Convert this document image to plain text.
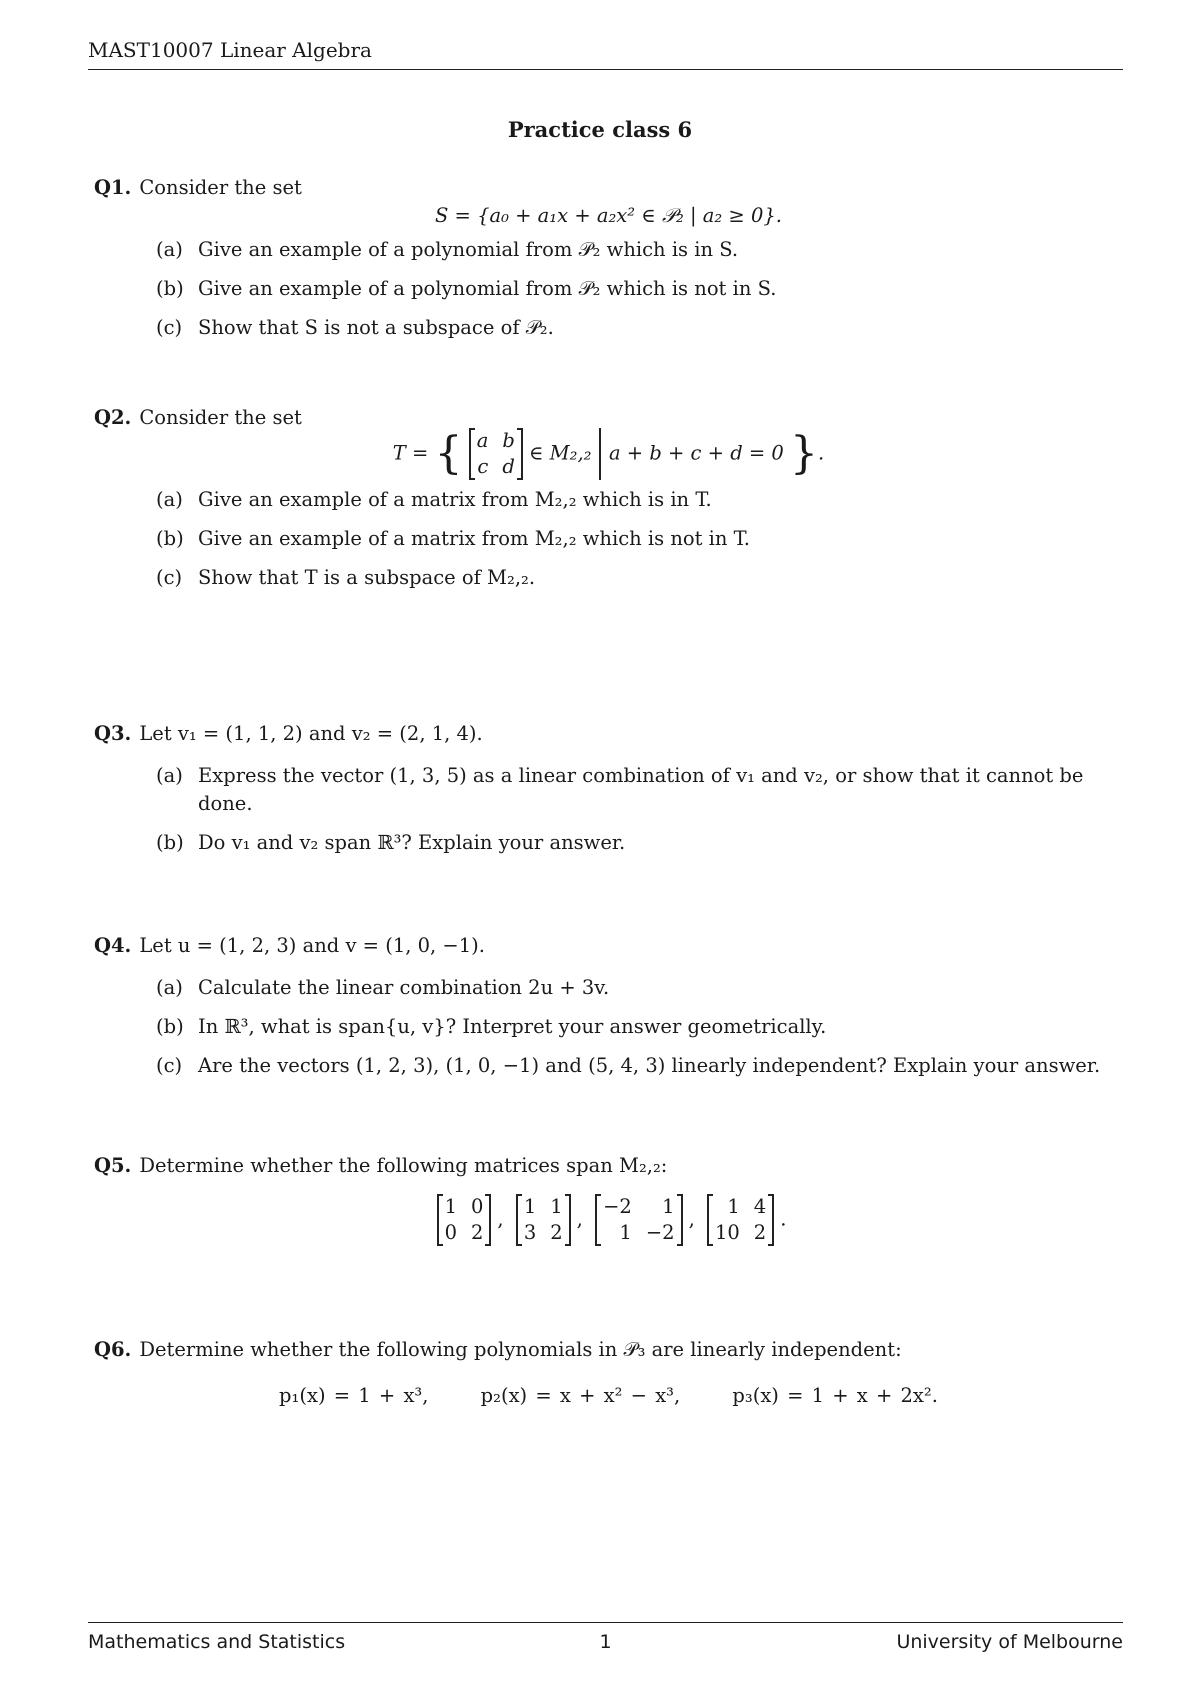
MAST10007 Linear Algebra
Practice class 6
Q1. Consider the set
S = {a₀ + a₁x + a₂x² ∈ 𝒫₂ | a₂ ≥ 0}.
(a) Give an example of a polynomial from 𝒫₂ which is in S.
(b) Give an example of a polynomial from 𝒫₂ which is not in S.
(c) Show that S is not a subspace of 𝒫₂.
Q2. Consider the set
T = { a b
c d
∈ M₂,₂ a + b + c + d = 0 }.
(a) Give an example of a matrix from M₂,₂ which is in T.
(b) Give an example of a matrix from M₂,₂ which is not in T.
(c) Show that T is a subspace of M₂,₂.
Q3. Let v₁ = (1, 1, 2) and v₂ = (2, 1, 4).
(a) Express the vector (1, 3, 5) as a linear combination of v₁ and v₂, or show that it cannot be done.
(b) Do v₁ and v₂ span ℝ³? Explain your answer.
Q4. Let u = (1, 2, 3) and v = (1, 0, −1).
(a) Calculate the linear combination 2u + 3v.
(b) In ℝ³, what is span{u, v}? Interpret your answer geometrically.
(c) Are the vectors (1, 2, 3), (1, 0, −1) and (5, 4, 3) linearly independent? Explain your answer.
Q5. Determine whether the following matrices span M₂,₂:
1 0
0 2
,
1 1
3 2
,
−2	1
1 −2
,
1 4
10 2
.
Q6. Determine whether the following polynomials in 𝒫₃ are linearly independent:
p₁(x) = 1 + x³,	p₂(x) = x + x² − x³,	p₃(x) = 1 + x + 2x².
Mathematics and Statistics	1	University of Melbourne
